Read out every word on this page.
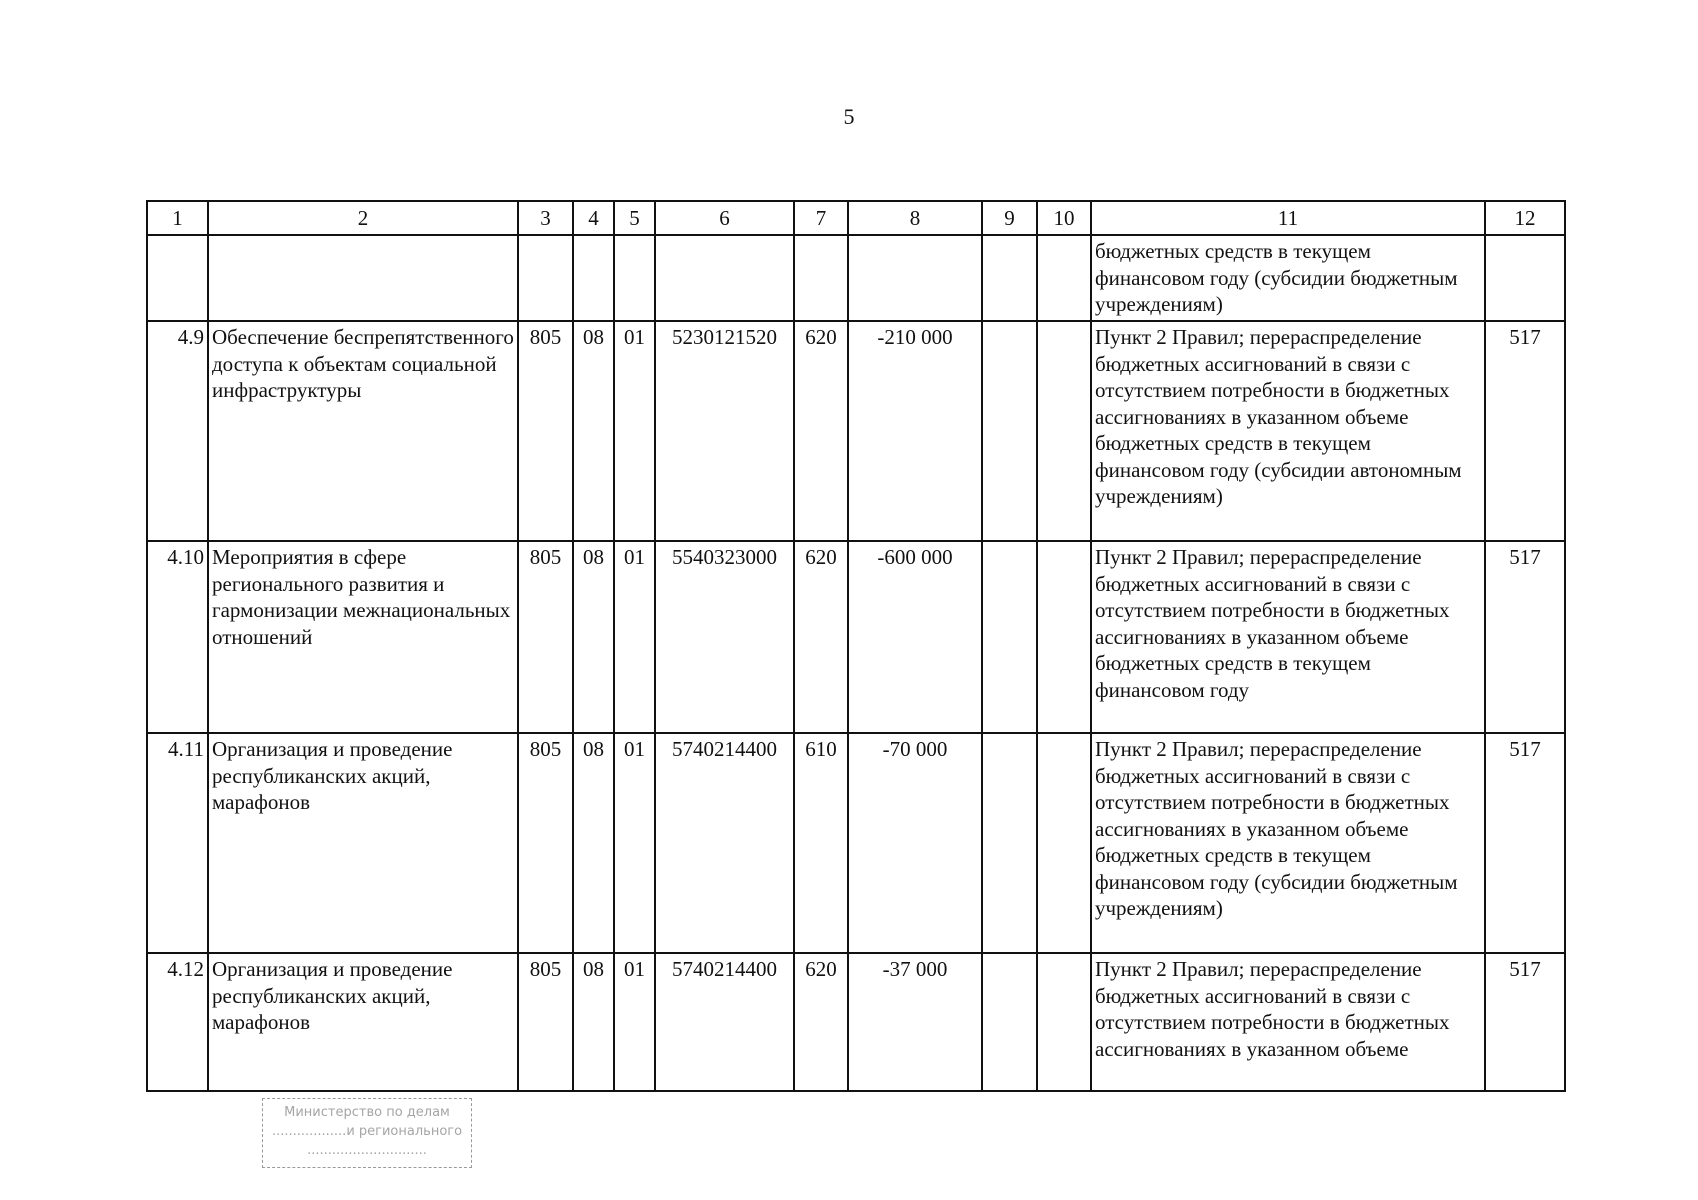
5
1	2	3	4	5	6	7	8	9	10	11	12
										бюджетных средств в текущем финансовом году (субсидии бюджетным учреждениям)	
4.9	Обеспечение беспрепятственного доступа к объектам социальной инфраструктуры	805	08	01	5230121520	620	-210 000			Пункт 2 Правил; перераспределение бюджетных ассигнований в связи с отсутствием потребности в бюджетных ассигнованиях в указанном объеме бюджетных средств в текущем финансовом году (субсидии автономным учреждениям)	517
4.10	Мероприятия в сфере регионального развития и гармонизации межнациональных отношений	805	08	01	5540323000	620	-600 000			Пункт 2 Правил; перераспределение бюджетных ассигнований в связи с отсутствием потребности в бюджетных ассигнованиях в указанном объеме бюджетных средств в текущем финансовом году	517
4.11	Организация и проведение республиканских акций, марафонов	805	08	01	5740214400	610	-70 000			Пункт 2 Правил; перераспределение бюджетных ассигнований в связи с отсутствием потребности в бюджетных ассигнованиях в указанном объеме бюджетных средств в текущем финансовом году (субсидии бюджетным учреждениям)	517
4.12	Организация и проведение республиканских акций, марафонов	805	08	01	5740214400	620	-37 000			Пункт 2 Правил; перераспределение бюджетных ассигнований в связи с отсутствием потребности в бюджетных ассигнованиях в указанном объеме	517
Министерство по делам
..................и регионального
.............................
